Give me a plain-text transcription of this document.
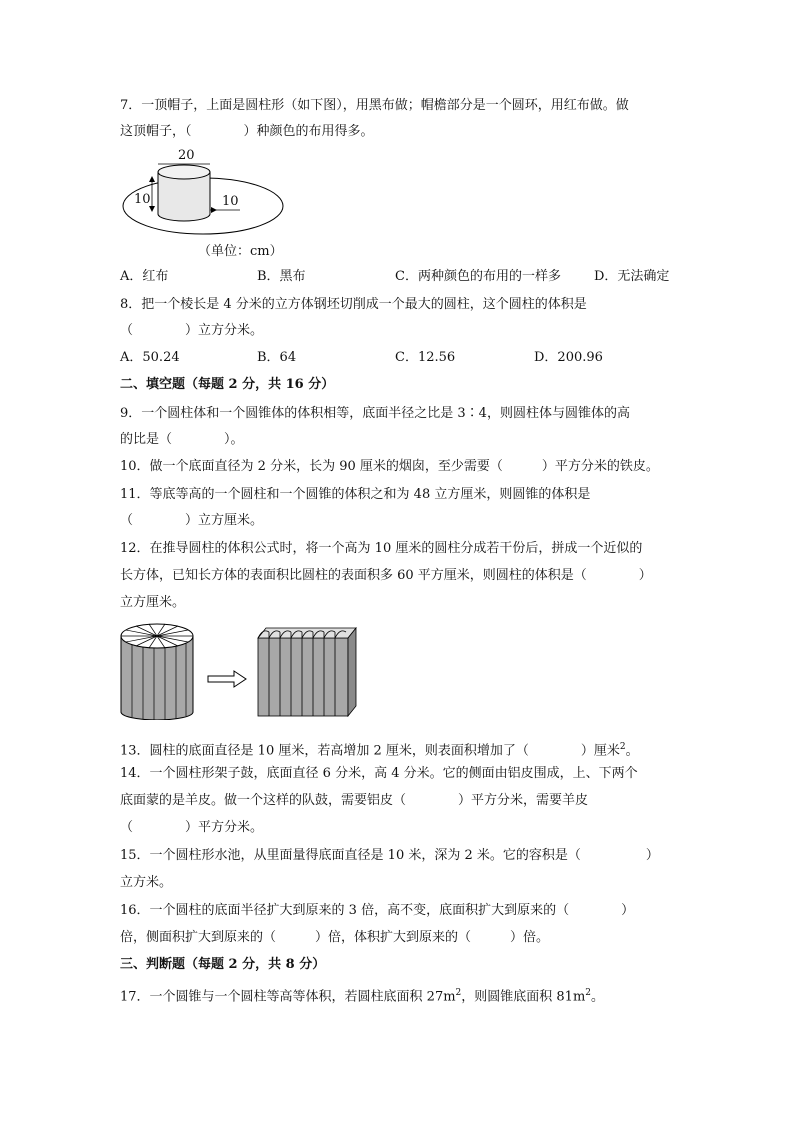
7．一顶帽子，上面是圆柱形（如下图），用黑布做；帽檐部分是一个圆环，用红布做。做
这顶帽子，（　　　　）种颜色的布用得多。
20
10	10
（单位：cm）
A．红布	B．黑布	C．两种颜色的布用的一样多	D．无法确定
8．把一个棱长是 4 分米的立方体钢坯切削成一个最大的圆柱，这个圆柱的体积是
（　　　　）立方分米。
A．50.24	B．64	C．12.56	D．200.96
二、填空题（每题 2 分，共 16 分）
9．一个圆柱体和一个圆锥体的体积相等，底面半径之比是 3∶4，则圆柱体与圆锥体的高
的比是（　　　　）。
10．做一个底面直径为 2 分米，长为 90 厘米的烟囱，至少需要（　　　）平方分米的铁皮。
11．等底等高的一个圆柱和一个圆锥的体积之和为 48 立方厘米，则圆锥的体积是
（　　　　）立方厘米。
12．在推导圆柱的体积公式时，将一个高为 10 厘米的圆柱分成若干份后，拼成一个近似的
长方体，已知长方体的表面积比圆柱的表面积多 60 平方厘米，则圆柱的体积是（　　　　）
立方厘米。
13．圆柱的底面直径是 10 厘米，若高增加 2 厘米，则表面积增加了（　　　　）厘米$^2$。
14．一个圆柱形架子鼓，底面直径 6 分米，高 4 分米。它的侧面由铝皮围成，上、下两个
底面蒙的是羊皮。做一个这样的队鼓，需要铝皮（　　　　）平方分米，需要羊皮
（　　　　）平方分米。
15．一个圆柱形水池，从里面量得底面直径是 10 米，深为 2 米。它的容积是（　　　　　）
立方米。
16．一个圆柱的底面半径扩大到原来的 3 倍，高不变，底面积扩大到原来的（　　　　）
倍，侧面积扩大到原来的（　　　）倍，体积扩大到原来的（　　　）倍。
三、判断题（每题 2 分，共 8 分）
17．一个圆锥与一个圆柱等高等体积，若圆柱底面积 $27m^2$，则圆锥底面积 $81m^2$。
